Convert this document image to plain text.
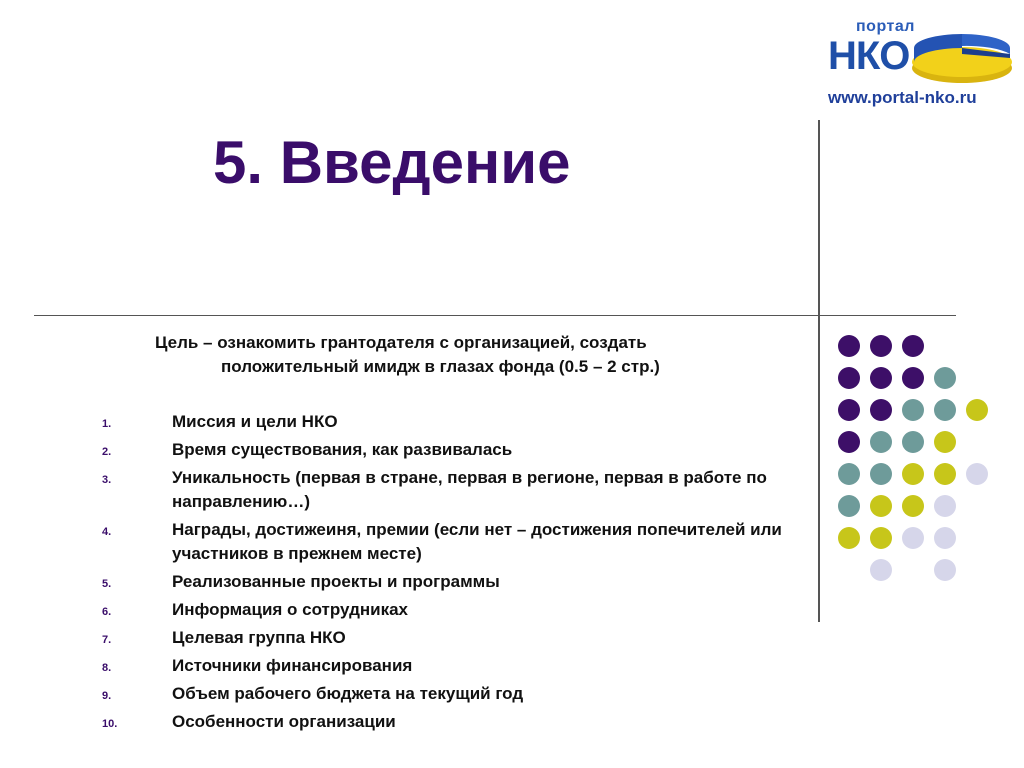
портал
НКО
www.portal-nko.ru
5. Введение
Цель – ознакомить грантодателя с организацией, создать
положительный имидж в глазах фонда (0.5 – 2 стр.)
1.	Миссия и цели НКО
2.	Время существования, как развивалась
3.	Уникальность (первая в стране, первая в регионе, первая в работе по направлению…)
4.	Награды, достижеиня, премии (если нет – достижения попечителей или участников в прежнем месте)
5.	Реализованные проекты и программы
6.	Информация о сотрудниках
7.	Целевая группа НКО
8.	Источники финансирования
9.	Объем рабочего бюджета на текущий год
10.	Особенности организации
